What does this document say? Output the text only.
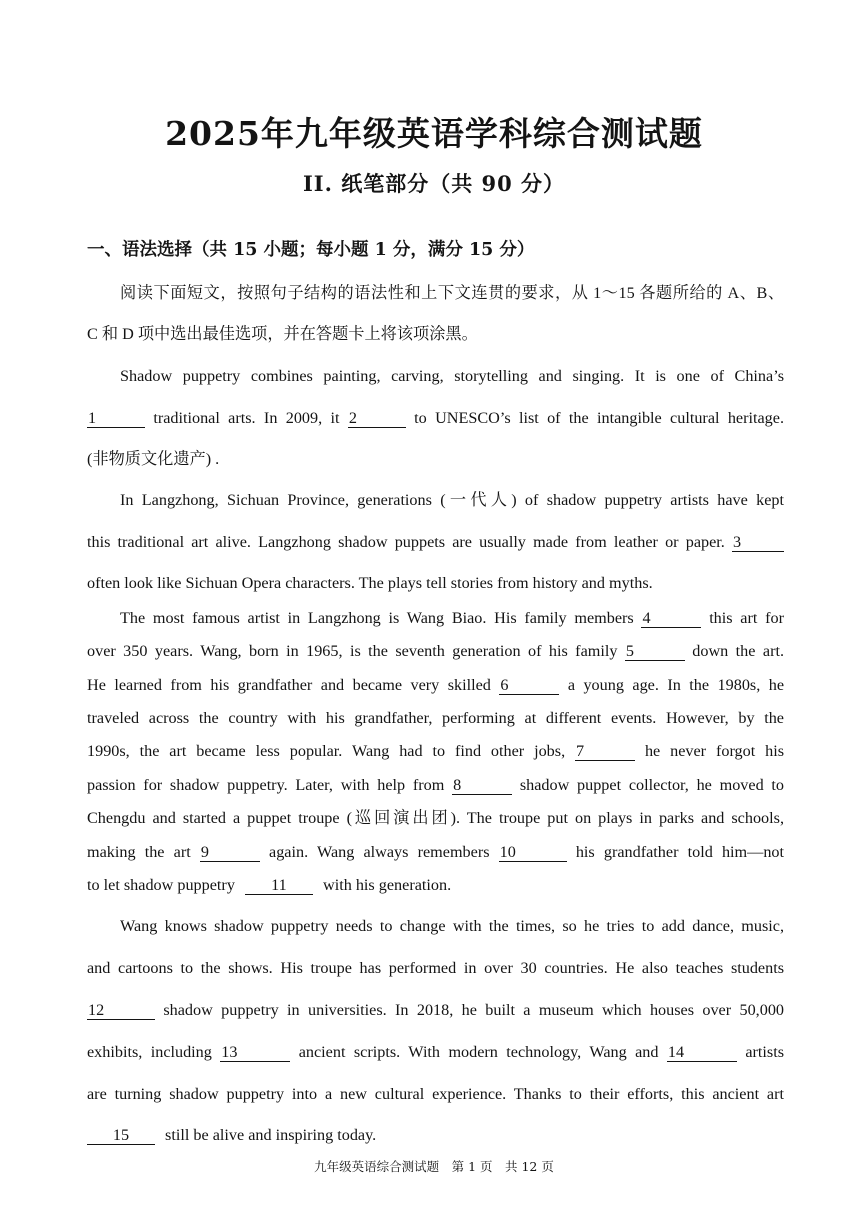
2025年九年级英语学科综合测试题
II. 纸笔部分（共 90 分）
一、语法选择（共 15 小题；每小题 1 分，满分 15 分）
阅读下面短文，按照句子结构的语法性和上下文连贯的要求，从 1～15 各题所给的 A、B、
C 和 D 项中选出最佳选项，并在答题卡上将该项涂黑。
Shadow puppetry combines painting, carving, storytelling and singing. It is one of China’s
1	traditional arts. In 2009, it 2	to UNESCO’s list of the intangible cultural heritage.
(非物质文化遗产) .
In Langzhong, Sichuan Province, generations (一代人) of shadow puppetry artists have kept
this traditional art alive. Langzhong shadow puppets are usually made from leather or paper. 3
often look like Sichuan Opera characters. The plays tell stories from history and myths.
The most famous artist in Langzhong is Wang Biao. His family members 4	this art for
over 350 years. Wang, born in 1965, is the seventh generation of his family 5	down the art.
He learned from his grandfather and became very skilled 6	a young age. In the 1980s, he
traveled across the country with his grandfather, performing at different events. However, by the
1990s, the art became less popular. Wang had to find other jobs, 7	he never forgot his
passion for shadow puppetry. Later, with help from 8	shadow puppet collector, he moved to
Chengdu and started a puppet troupe (巡回演出团). The troupe put on plays in parks and schools,
making the art 9	again. Wang always remembers 10	his grandfather told him—not
to let shadow puppetry 11 with his generation.
Wang knows shadow puppetry needs to change with the times, so he tries to add dance, music,
and cartoons to the shows. His troupe has performed in over 30 countries. He also teaches students
12	shadow puppetry in universities. In 2018, he built a museum which houses over 50,000
exhibits, including 13	ancient scripts. With modern technology, Wang and 14	artists
are turning shadow puppetry into a new cultural experience. Thanks to their efforts, this ancient art
15 still be alive and inspiring today.
九年级英语综合测试题　第 1 页　共 12 页
